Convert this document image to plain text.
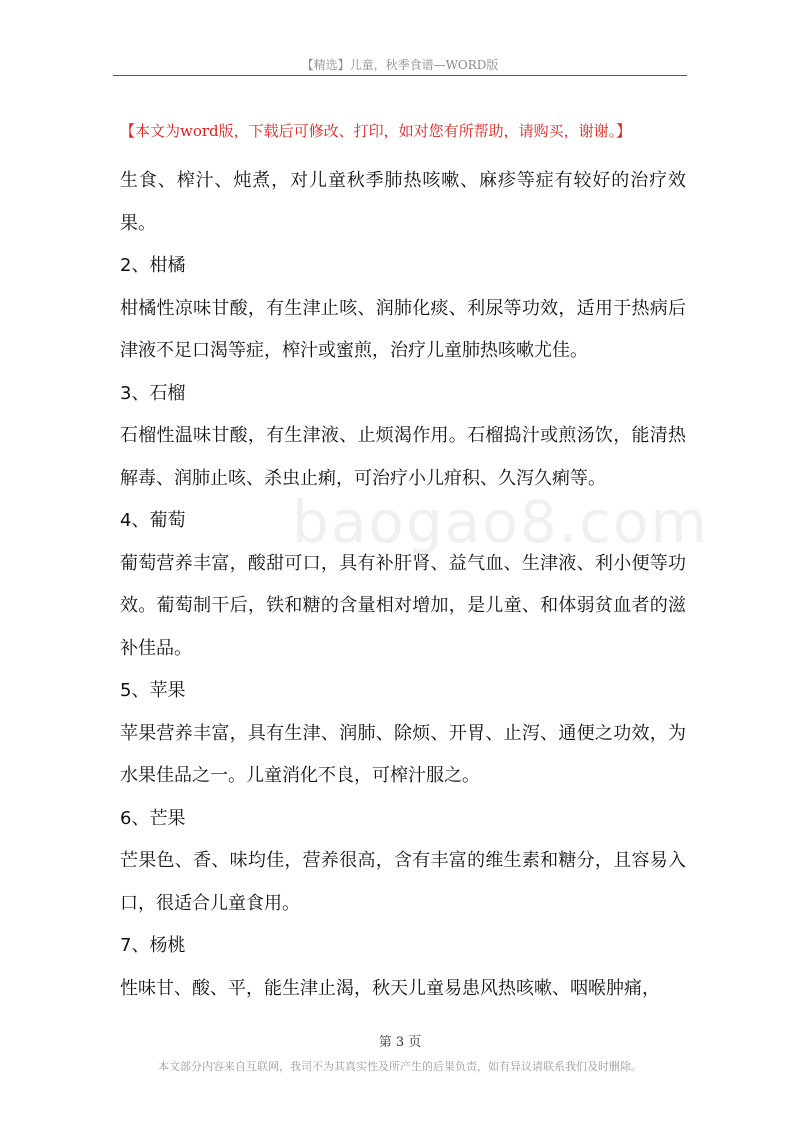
【精选】儿童，秋季食谱—WORD版
【本文为word版，下载后可修改、打印，如对您有所帮助，请购买，谢谢。】
baogao8.com

生食、榨汁、炖煮，对儿童秋季肺热咳嗽、麻疹等症有较好的治疗效果。

2、柑橘

柑橘性凉味甘酸，有生津止咳、润肺化痰、利尿等功效，适用于热病后津液不足口渴等症，榨汁或蜜煎，治疗儿童肺热咳嗽尤佳。

3、石榴

石榴性温味甘酸，有生津液、止烦渴作用。石榴捣汁或煎汤饮，能清热解毒、润肺止咳、杀虫止痢，可治疗小儿疳积、久泻久痢等。

4、葡萄

葡萄营养丰富，酸甜可口，具有补肝肾、益气血、生津液、利小便等功效。葡萄制干后，铁和糖的含量相对增加，是儿童、和体弱贫血者的滋补佳品。

5、苹果

苹果营养丰富，具有生津、润肺、除烦、开胃、止泻、通便之功效，为水果佳品之一。儿童消化不良，可榨汁服之。

6、芒果

芒果色、香、味均佳，营养很高，含有丰富的维生素和糖分，且容易入口，很适合儿童食用。

7、杨桃

性味甘、酸、平，能生津止渴，秋天儿童易患风热咳嗽、咽喉肿痛，

第 3 页
本文部分内容来自互联网，我司不为其真实性及所产生的后果负责，如有异议请联系我们及时删除。
